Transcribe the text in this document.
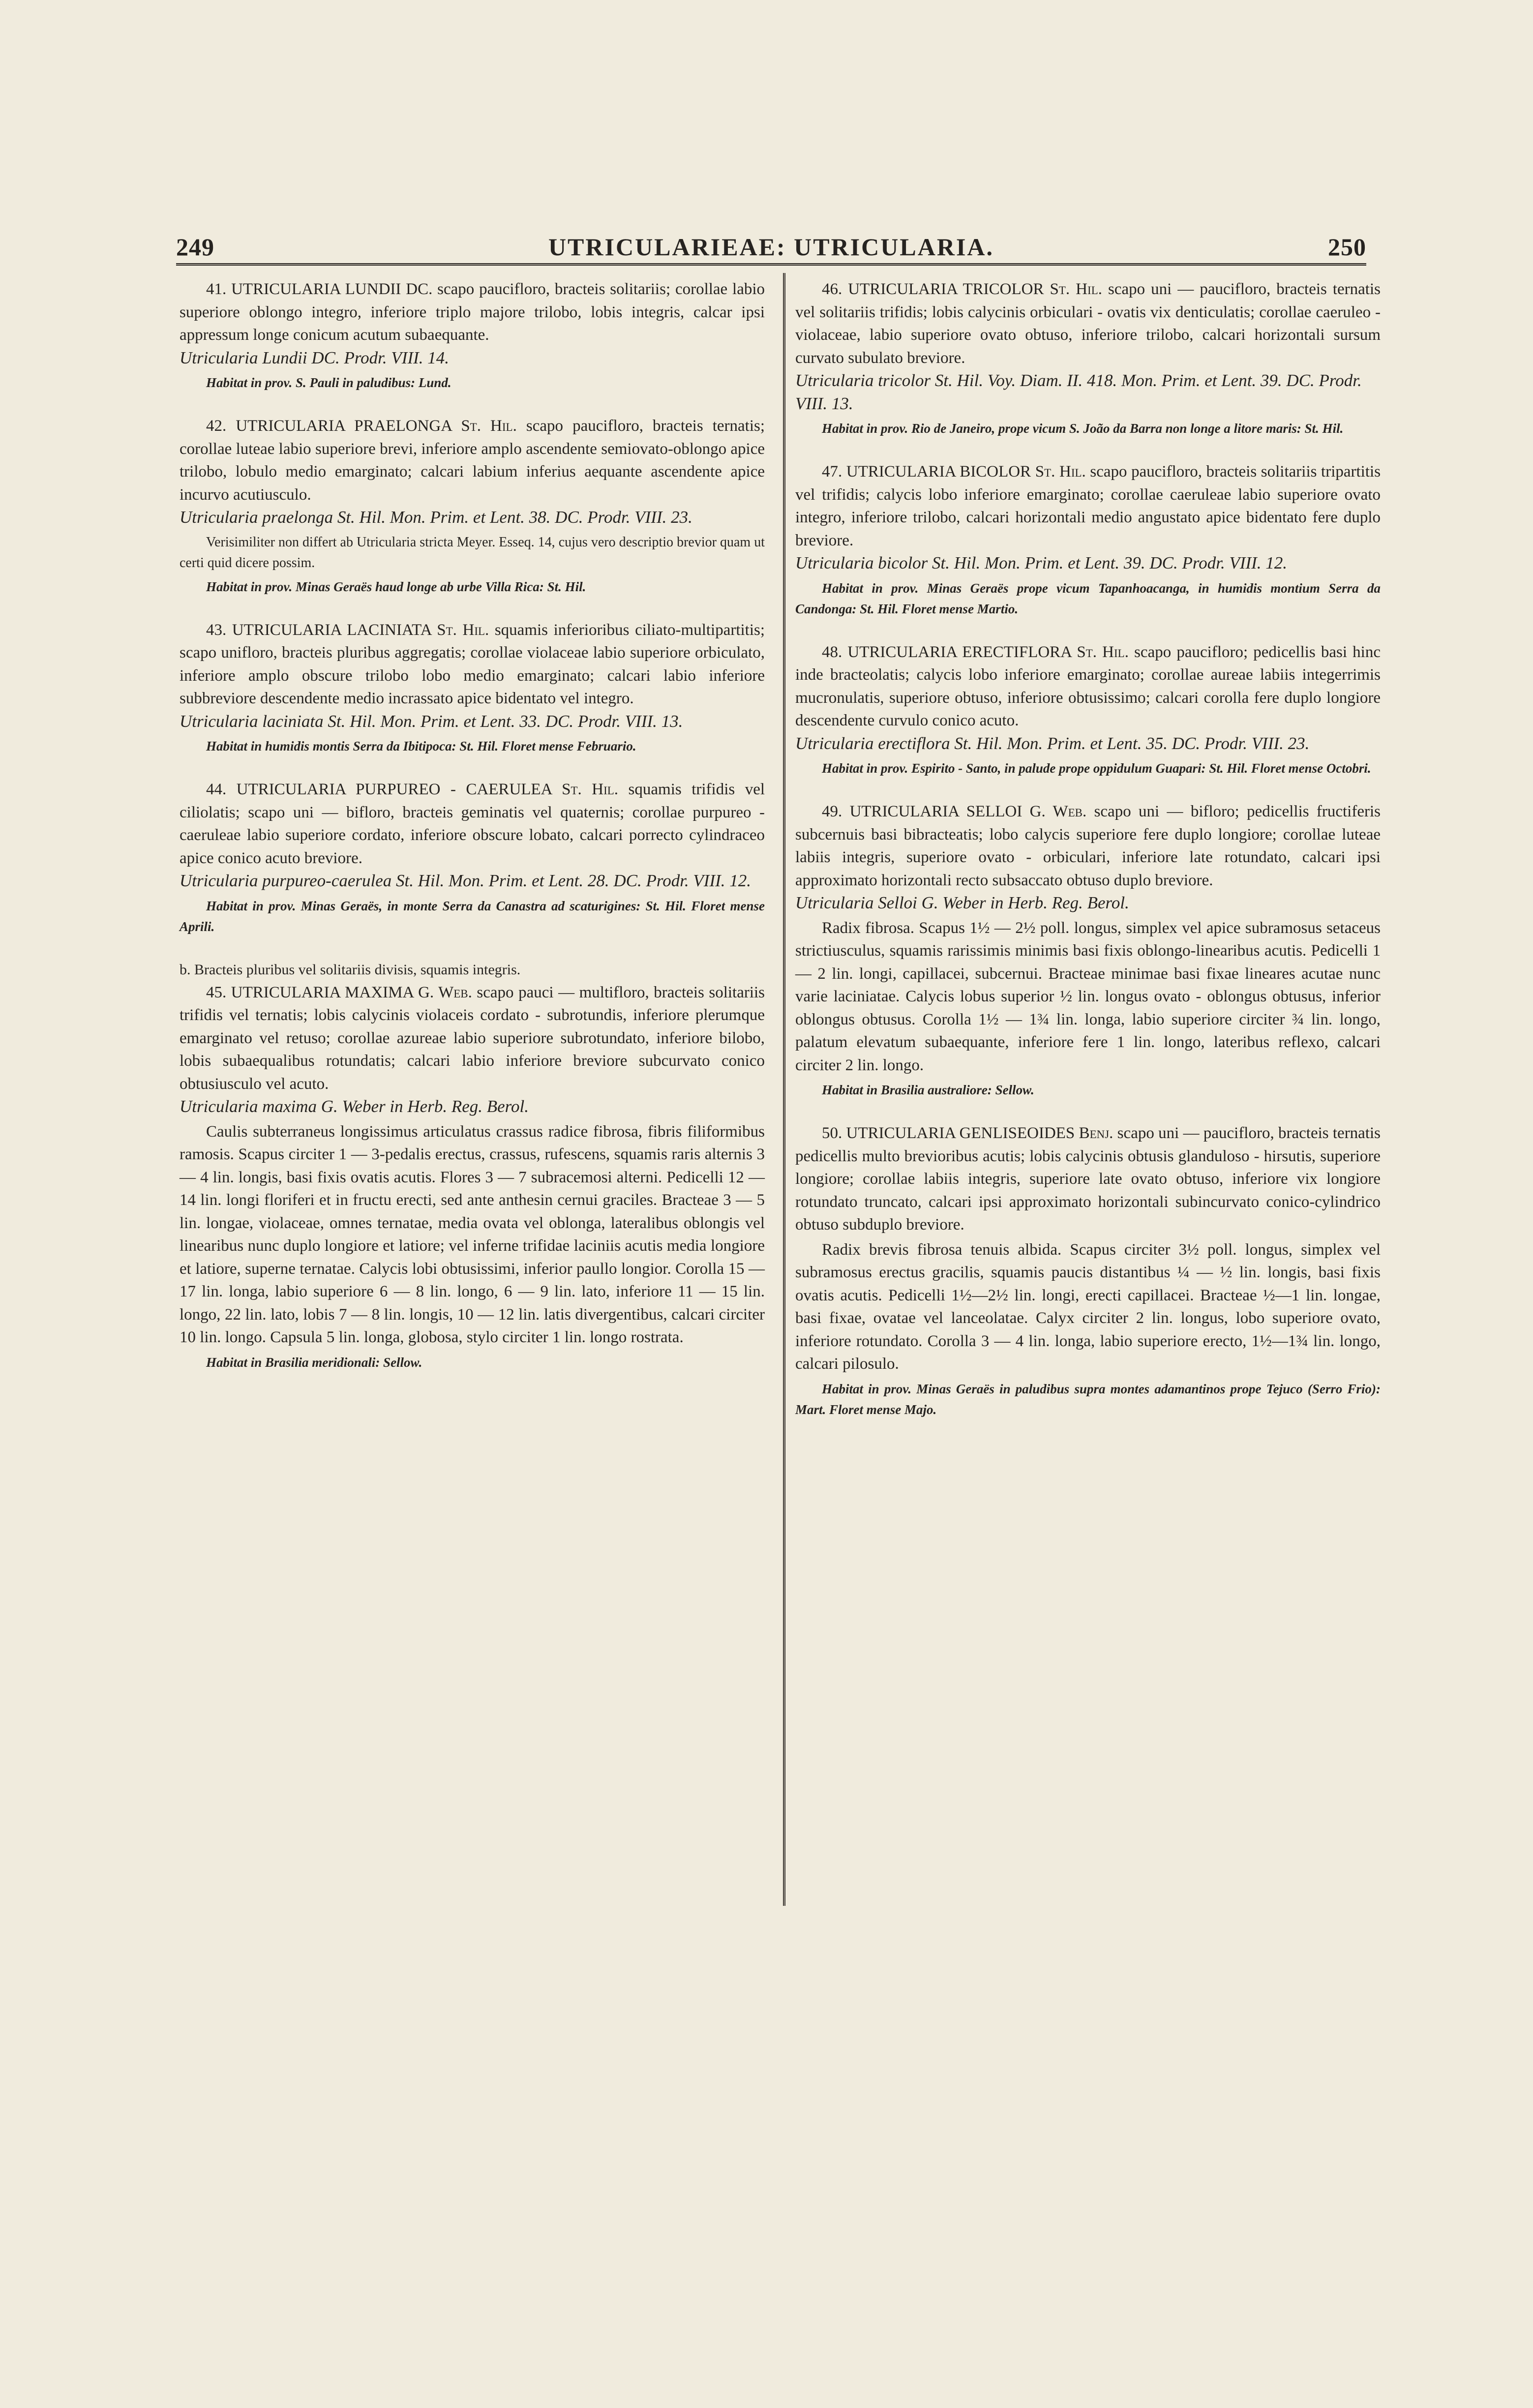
249	UTRICULARIEAE: UTRICULARIA.	250

41. UTRICULARIA LUNDII DC. scapo paucifloro, bracteis solitariis; corollae labio superiore oblongo integro, inferiore triplo majore trilobo, lobis integris, calcar ipsi appressum longe conicum acutum subaequante.

Utricularia Lundii DC. Prodr. VIII. 14.

Habitat in prov. S. Pauli in paludibus: Lund.

42. UTRICULARIA PRAELONGA St. Hil. scapo paucifloro, bracteis ternatis; corollae luteae labio superiore brevi, inferiore amplo ascendente semiovato-oblongo apice trilobo, lobulo medio emarginato; calcari labium inferius aequante ascendente apice incurvo acutiusculo.

Utricularia praelonga St. Hil. Mon. Prim. et Lent. 38. DC. Prodr. VIII. 23.

Verisimiliter non differt ab Utricularia stricta Meyer. Esseq. 14, cujus vero descriptio brevior quam ut certi quid dicere possim.

Habitat in prov. Minas Geraës haud longe ab urbe Villa Rica: St. Hil.

43. UTRICULARIA LACINIATA St. Hil. squamis inferioribus ciliato-multipartitis; scapo unifloro, bracteis pluribus aggregatis; corollae violaceae labio superiore orbiculato, inferiore amplo obscure trilobo lobo medio emarginato; calcari labio inferiore subbreviore descendente medio incrassato apice bidentato vel integro.

Utricularia laciniata St. Hil. Mon. Prim. et Lent. 33. DC. Prodr. VIII. 13.

Habitat in humidis montis Serra da Ibitipoca: St. Hil. Floret mense Februario.

44. UTRICULARIA PURPUREO - CAERULEA St. Hil. squamis trifidis vel ciliolatis; scapo uni — bifloro, bracteis geminatis vel quaternis; corollae purpureo - caeruleae labio superiore cordato, inferiore obscure lobato, calcari porrecto cylindraceo apice conico acuto breviore.

Utricularia purpureo-caerulea St. Hil. Mon. Prim. et Lent. 28. DC. Prodr. VIII. 12.

Habitat in prov. Minas Geraës, in monte Serra da Canastra ad scaturigines: St. Hil. Floret mense Aprili.

b. Bracteis pluribus vel solitariis divisis, squamis integris.

45. UTRICULARIA MAXIMA G. Web. scapo pauci — multifloro, bracteis solitariis trifidis vel ternatis; lobis calycinis violaceis cordato - subrotundis, inferiore plerumque emarginato vel retuso; corollae azureae labio superiore subrotundato, inferiore bilobo, lobis subaequalibus rotundatis; calcari labio inferiore breviore subcurvato conico obtusiusculo vel acuto.

Utricularia maxima G. Weber in Herb. Reg. Berol.

Caulis subterraneus longissimus articulatus crassus radice fibrosa, fibris filiformibus ramosis. Scapus circiter 1 — 3-pedalis erectus, crassus, rufescens, squamis raris alternis 3 — 4 lin. longis, basi fixis ovatis acutis. Flores 3 — 7 subracemosi alterni. Pedicelli 12 — 14 lin. longi floriferi et in fructu erecti, sed ante anthesin cernui graciles. Bracteae 3 — 5 lin. longae, violaceae, omnes ternatae, media ovata vel oblonga, lateralibus oblongis vel linearibus nunc duplo longiore et latiore; vel inferne trifidae laciniis acutis media longiore et latiore, superne ternatae. Calycis lobi obtusissimi, inferior paullo longior. Corolla 15 — 17 lin. longa, labio superiore 6 — 8 lin. longo, 6 — 9 lin. lato, inferiore 11 — 15 lin. longo, 22 lin. lato, lobis 7 — 8 lin. longis, 10 — 12 lin. latis divergentibus, calcari circiter 10 lin. longo. Capsula 5 lin. longa, globosa, stylo circiter 1 lin. longo rostrata.

Habitat in Brasilia meridionali: Sellow.

46. UTRICULARIA TRICOLOR St. Hil. scapo uni — paucifloro, bracteis ternatis vel solitariis trifidis; lobis calycinis orbiculari - ovatis vix denticulatis; corollae caeruleo - violaceae, labio superiore ovato obtuso, inferiore trilobo, calcari horizontali sursum curvato subulato breviore.

Utricularia tricolor St. Hil. Voy. Diam. II. 418. Mon. Prim. et Lent. 39. DC. Prodr. VIII. 13.

Habitat in prov. Rio de Janeiro, prope vicum S. João da Barra non longe a litore maris: St. Hil.

47. UTRICULARIA BICOLOR St. Hil. scapo paucifloro, bracteis solitariis tripartitis vel trifidis; calycis lobo inferiore emarginato; corollae caeruleae labio superiore ovato integro, inferiore trilobo, calcari horizontali medio angustato apice bidentato fere duplo breviore.

Utricularia bicolor St. Hil. Mon. Prim. et Lent. 39. DC. Prodr. VIII. 12.

Habitat in prov. Minas Geraës prope vicum Tapanhoacanga, in humidis montium Serra da Candonga: St. Hil. Floret mense Martio.

48. UTRICULARIA ERECTIFLORA St. Hil. scapo paucifloro; pedicellis basi hinc inde bracteolatis; calycis lobo inferiore emarginato; corollae aureae labiis integerrimis mucronulatis, superiore obtuso, inferiore obtusissimo; calcari corolla fere duplo longiore descendente curvulo conico acuto.

Utricularia erectiflora St. Hil. Mon. Prim. et Lent. 35. DC. Prodr. VIII. 23.

Habitat in prov. Espirito - Santo, in palude prope oppidulum Guapari: St. Hil. Floret mense Octobri.

49. UTRICULARIA SELLOI G. Web. scapo uni — bifloro; pedicellis fructiferis subcernuis basi bibracteatis; lobo calycis superiore fere duplo longiore; corollae luteae labiis integris, superiore ovato - orbiculari, inferiore late rotundato, calcari ipsi approximato horizontali recto subsaccato obtuso duplo breviore.

Utricularia Selloi G. Weber in Herb. Reg. Berol.

Radix fibrosa. Scapus 1½ — 2½ poll. longus, simplex vel apice subramosus setaceus strictiusculus, squamis rarissimis minimis basi fixis oblongo-linearibus acutis. Pedicelli 1 — 2 lin. longi, capillacei, subcernui. Bracteae minimae basi fixae lineares acutae nunc varie laciniatae. Calycis lobus superior ½ lin. longus ovato - oblongus obtusus, inferior oblongus obtusus. Corolla 1½ — 1¾ lin. longa, labio superiore circiter ¾ lin. longo, palatum elevatum subaequante, inferiore fere 1 lin. longo, lateribus reflexo, calcari circiter 2 lin. longo.

Habitat in Brasilia australiore: Sellow.

50. UTRICULARIA GENLISEOIDES Benj. scapo uni — paucifloro, bracteis ternatis pedicellis multo brevioribus acutis; lobis calycinis obtusis glanduloso - hirsutis, superiore longiore; corollae labiis integris, superiore late ovato obtuso, inferiore vix longiore rotundato truncato, calcari ipsi approximato horizontali subincurvato conico-cylindrico obtuso subduplo breviore.

Radix brevis fibrosa tenuis albida. Scapus circiter 3½ poll. longus, simplex vel subramosus erectus gracilis, squamis paucis distantibus ¼ — ½ lin. longis, basi fixis ovatis acutis. Pedicelli 1½—2½ lin. longi, erecti capillacei. Bracteae ½—1 lin. longae, basi fixae, ovatae vel lanceolatae. Calyx circiter 2 lin. longus, lobo superiore ovato, inferiore rotundato. Corolla 3 — 4 lin. longa, labio superiore erecto, 1½—1¾ lin. longo, calcari pilosulo.

Habitat in prov. Minas Geraës in paludibus supra montes adamantinos prope Tejuco (Serro Frio): Mart. Floret mense Majo.
